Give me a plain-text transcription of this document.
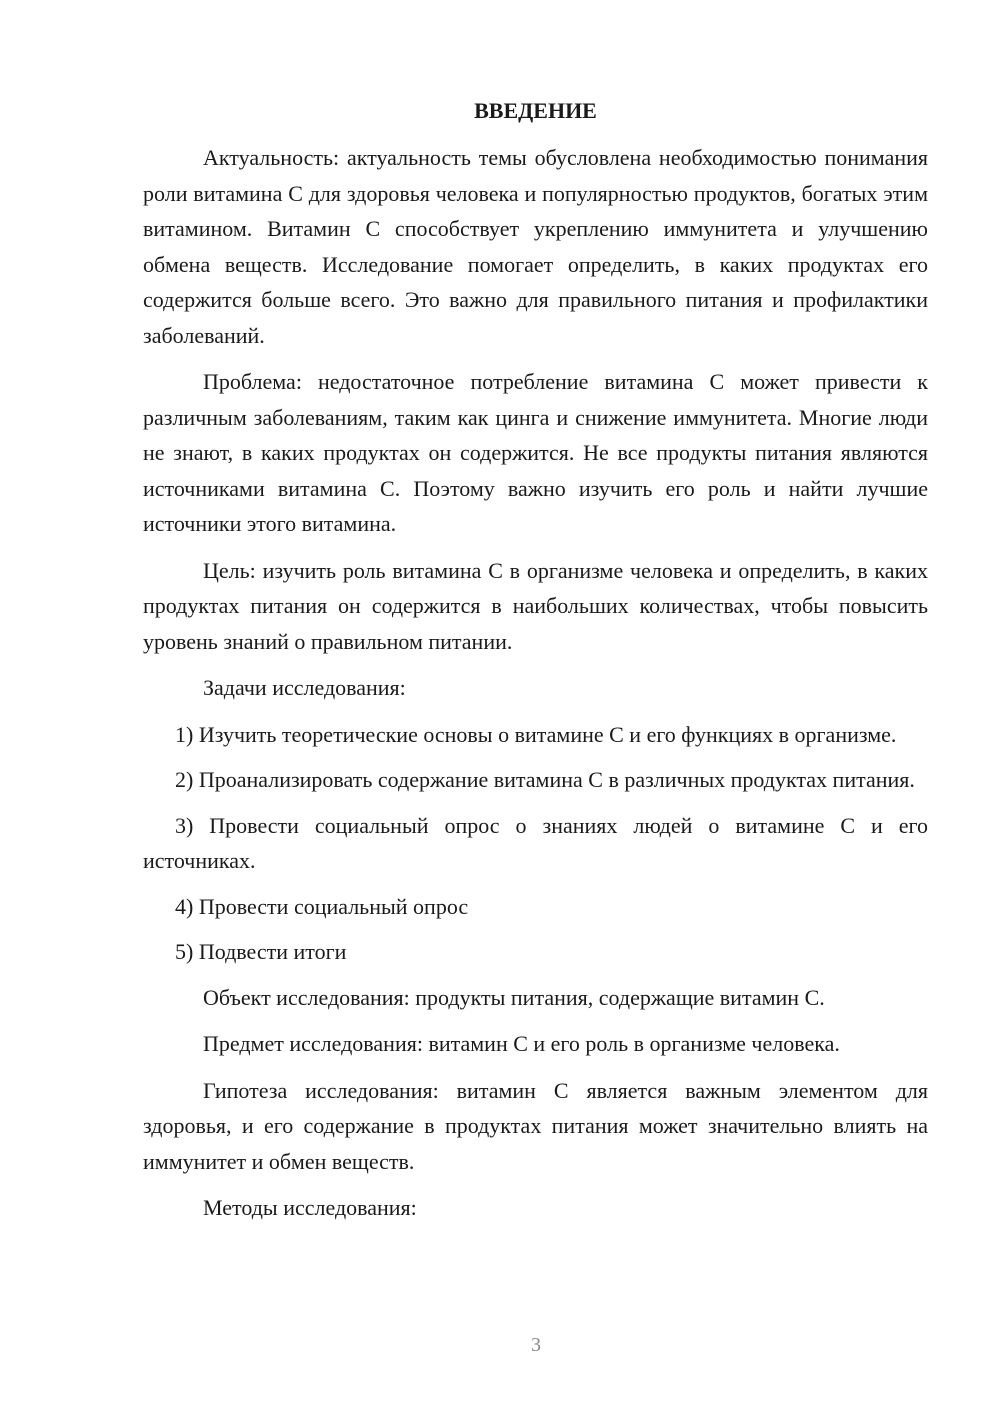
ВВЕДЕНИЕ

Актуальность: актуальность темы обусловлена необходимостью понимания роли витамина С для здоровья человека и популярностью продуктов, богатых этим витамином. Витамин С способствует укреплению иммунитета и улучшению обмена веществ. Исследование помогает определить, в каких продуктах его содержится больше всего. Это важно для правильного питания и профилактики заболеваний.

Проблема: недостаточное потребление витамина С может привести к различным заболеваниям, таким как цинга и снижение иммунитета. Многие люди не знают, в каких продуктах он содержится. Не все продукты питания являются источниками витамина С. Поэтому важно изучить его роль и найти лучшие источники этого витамина.

Цель: изучить роль витамина С в организме человека и определить, в каких продуктах питания он содержится в наибольших количествах, чтобы повысить уровень знаний о правильном питании.

Задачи исследования:

1) Изучить теоретические основы о витамине С и его функциях в организме.

2) Проанализировать содержание витамина С в различных продуктах питания.

3) Провести социальный опрос о знаниях людей о витамине С и его источниках.

4) Провести социальный опрос

5) Подвести итоги

Объект исследования: продукты питания, содержащие витамин С.

Предмет исследования: витамин С и его роль в организме человека.

Гипотеза исследования: витамин С является важным элементом для здоровья, и его содержание в продуктах питания может значительно влиять на иммунитет и обмен веществ.

Методы исследования:

3
